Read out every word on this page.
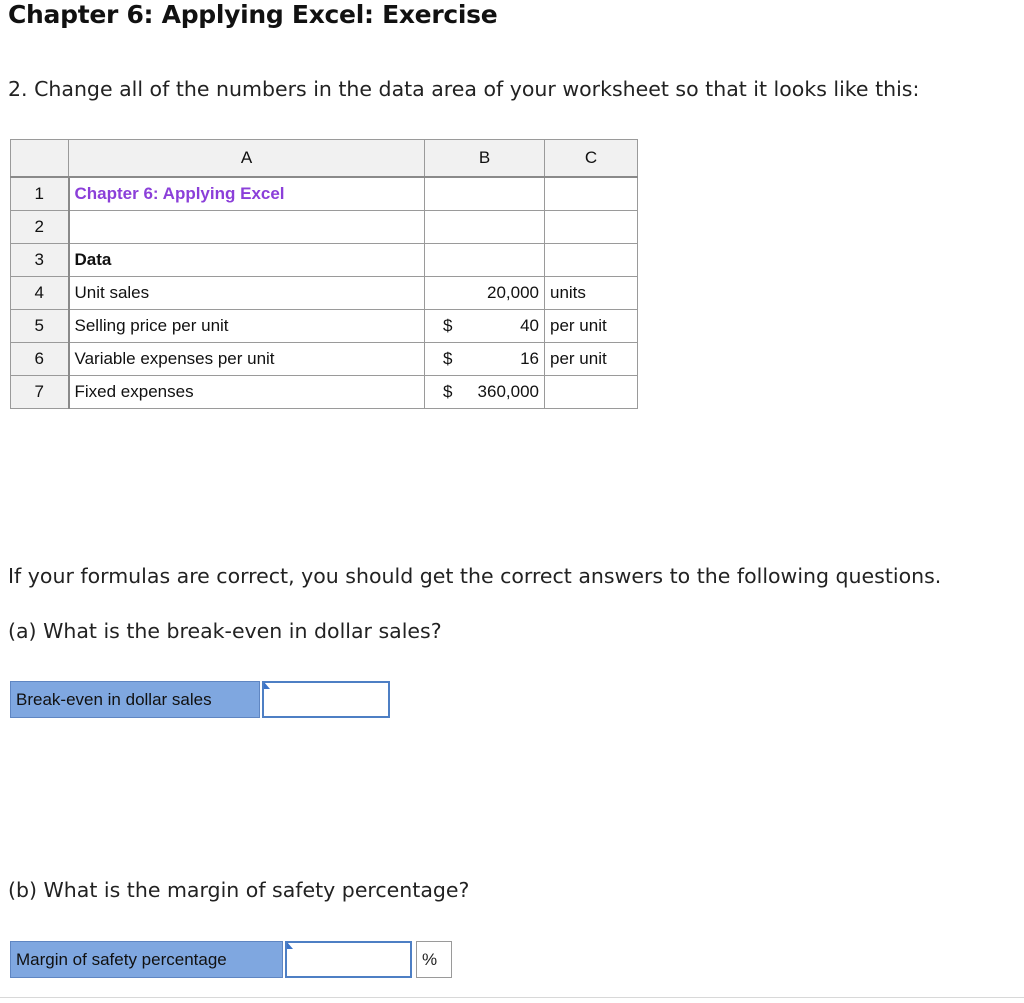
Chapter 6: Applying Excel: Exercise

2. Change all of the numbers in the data area of your worksheet so that it looks like this:

	A	B	C
1	Chapter 6: Applying Excel	

2		

3	Data	

4	Unit sales	20,000	units
5	Selling price per unit	$ 40	per unit
6	Variable expenses per unit	$ 16	per unit
7	Fixed expenses	$ 360,000	

If your formulas are correct, you should get the correct answers to the following questions.

(a) What is the break-even in dollar sales?

Break-even in dollar sales

(b) What is the margin of safety percentage?

Margin of safety percentage	%
